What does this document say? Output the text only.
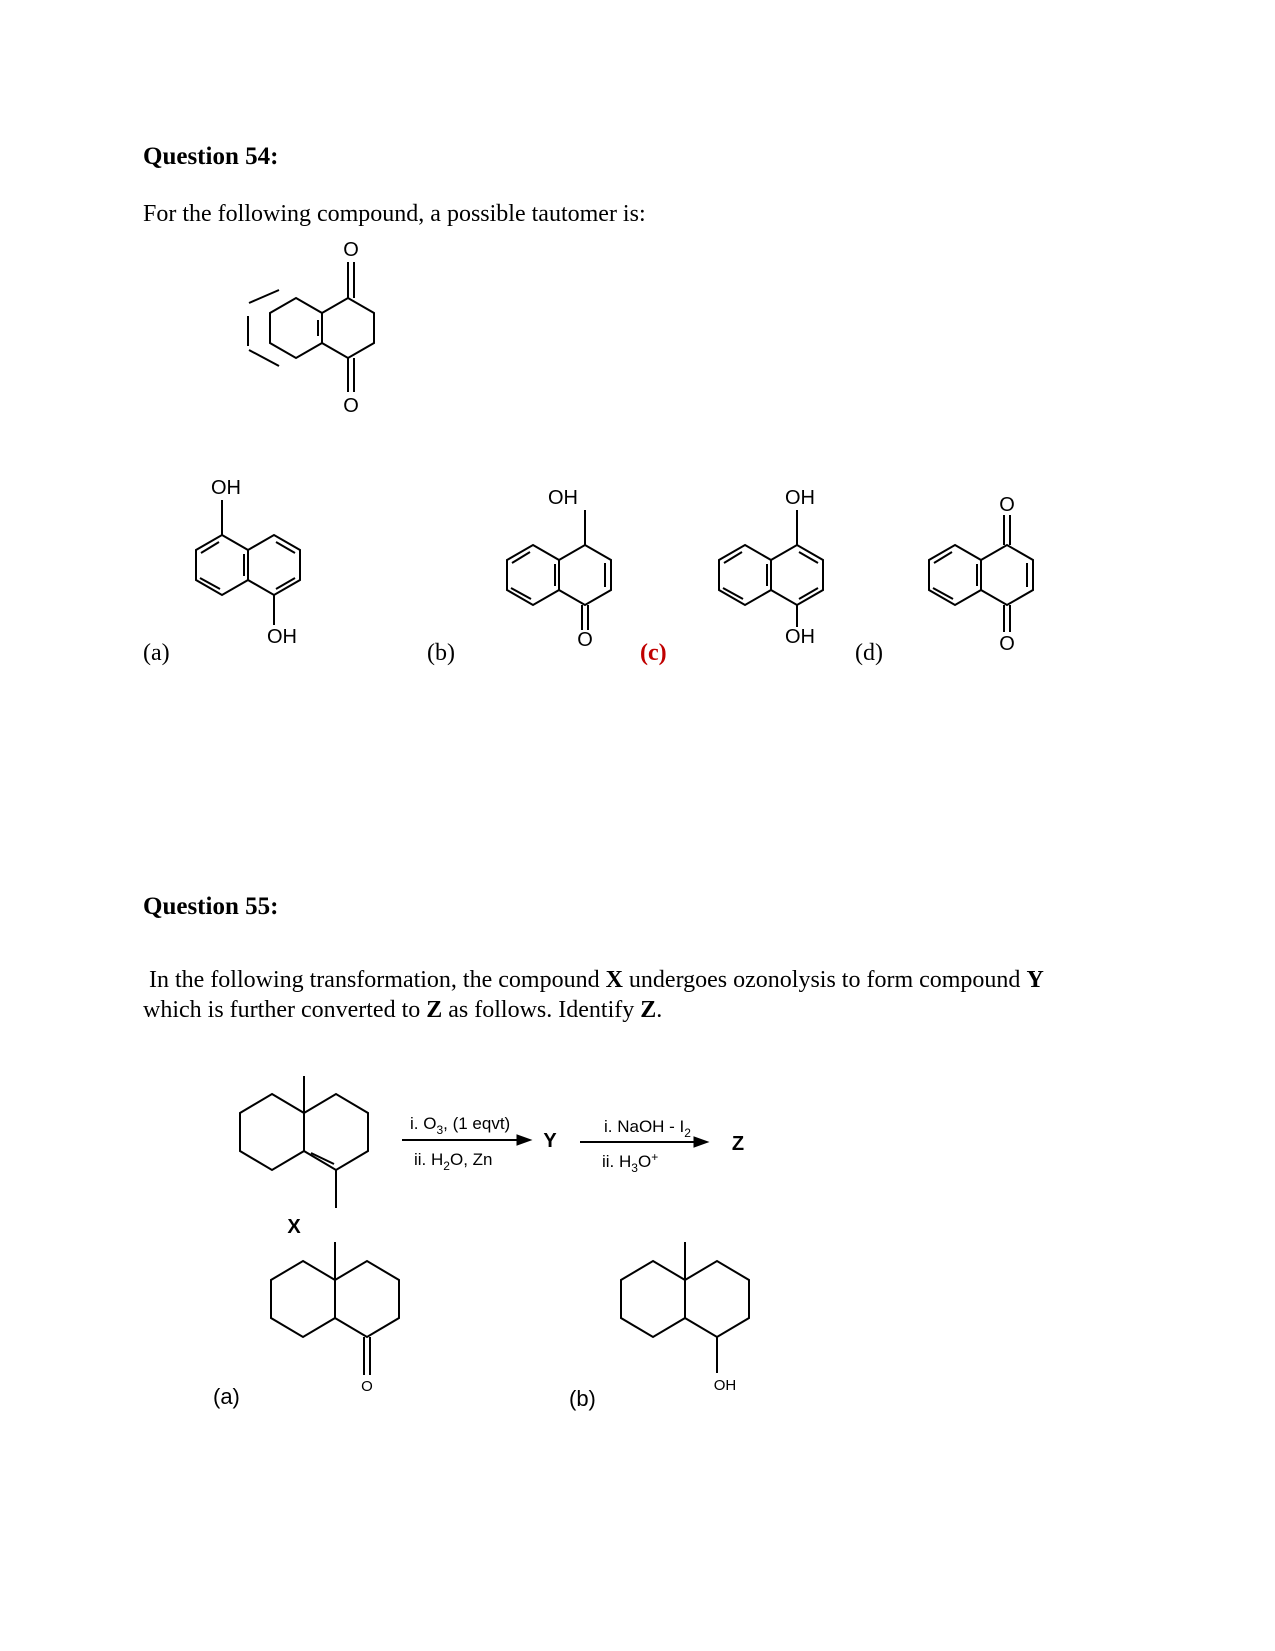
Question 54:
For the following compound, a possible tautomer is:
O
O
(a)	(b)	(c)	(d)
OH
OH
OH
O
OH
OH
O
O
Question 55:
In the following transformation, the compound X undergoes ozonolysis to form compound Y
which is further converted to Z as follows. Identify Z.
X
i. $O_3$, (1 eqvt)
ii. $H_2O$, Zn
Y
i. NaOH - $I_2$
ii. $H_3O^+$
Z
O	OH
(a)	(b)
